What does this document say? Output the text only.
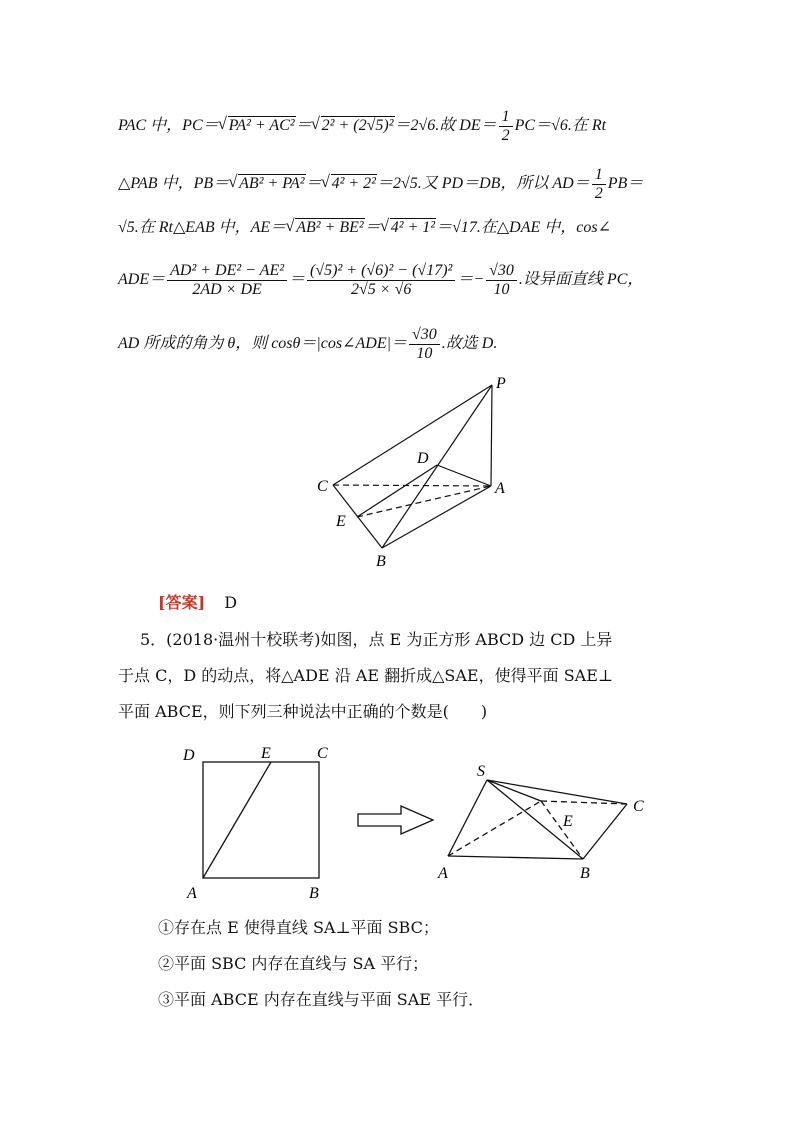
PAC 中，PC＝ √ PA² + AC²＝ √ 2² + (2√5)²＝2√6.故 $DE= \frac{1}{2} PC=√6$.在 Rt
△PAB 中，PB＝ √ AB² + PA²＝ √ 4² + 2²＝2√5.又 PD＝DB，所以 $AD= \frac{1}{2} PB=$
√5.在 Rt△EAB 中，AE＝ √ AB² + BE²＝ √ 4² + 1²＝√17.在△DAE 中，cos∠
$ADE= \frac{\text{AD² + DE² − AE²}}{2AD \times DE} = \frac{\text{(√5)² + (√6)² − (√17)²}}{2√5 \times √6} =- \frac{√30}{10}$ .设异面直线 PC，
AD 所成的角为 θ，则 cosθ＝|cos∠ADE|＝ $\frac{√30}{10}$ .故选 D.
P
D
C	A
E
B
[答案] D
5．(2018·温州十校联考)如图，点 E 为正方形 ABCD 边 CD 上异
于点 C，D 的动点，将△ADE 沿 AE 翻折成△SAE，使得平面 SAE⊥
平面 ABCE，则下列三种说法中正确的个数是(　　)
D	E	C
A	B
S
E
C
A	B
①存在点 E 使得直线 SA⊥平面 SBC；
②平面 SBC 内存在直线与 SA 平行；
③平面 ABCE 内存在直线与平面 SAE 平行．
